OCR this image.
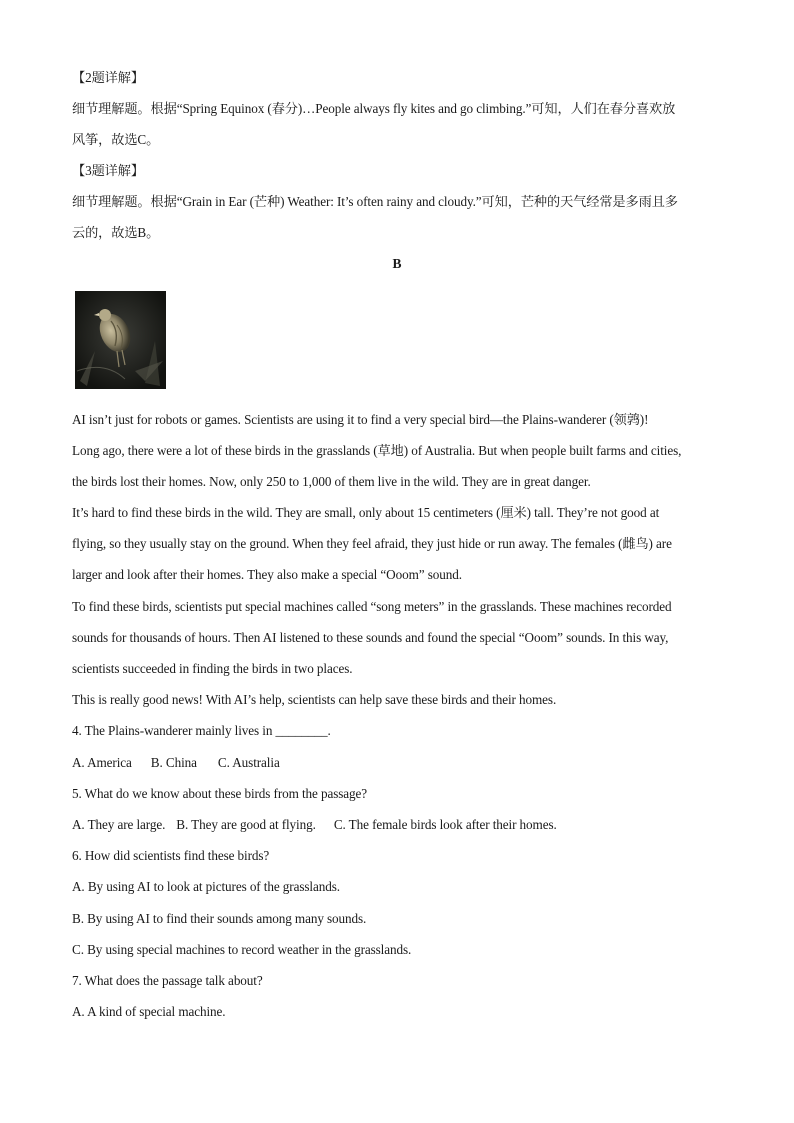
【2题详解】
细节理解题。根据“Spring Equinox (春分)…People always fly kites and go climbing.”可知，人们在春分喜欢放
风筝，故选C。
【3题详解】
细节理解题。根据“Grain in Ear (芒种) Weather: It’s often rainy and cloudy.”可知，芒种的天气经常是多雨且多
云的，故选B。
B
AI isn’t just for robots or games. Scientists are using it to find a very special bird—the Plains-wanderer (领鹑)!
Long ago, there were a lot of these birds in the grasslands (草地) of Australia. But when people built farms and cities,
the birds lost their homes. Now, only 250 to 1,000 of them live in the wild. They are in great danger.
It’s hard to find these birds in the wild. They are small, only about 15 centimeters (厘米) tall. They’re not good at
flying, so they usually stay on the ground. When they feel afraid, they just hide or run away. The females (雌鸟) are
larger and look after their homes. They also make a special “Ooom” sound.
To find these birds, scientists put special machines called “song meters” in the grasslands. These machines recorded
sounds for thousands of hours. Then AI listened to these sounds and found the special “Ooom” sounds. In this way,
scientists succeeded in finding the birds in two places.
This is really good news! With AI’s help, scientists can help save these birds and their homes.
4. The Plains-wanderer mainly lives in ________.
A. America B. China C. Australia
5. What do we know about these birds from the passage?
A. They are large. B. They are good at flying. C. The female birds look after their homes.
6. How did scientists find these birds?
A. By using AI to look at pictures of the grasslands.
B. By using AI to find their sounds among many sounds.
C. By using special machines to record weather in the grasslands.
7. What does the passage talk about?
A. A kind of special machine.
